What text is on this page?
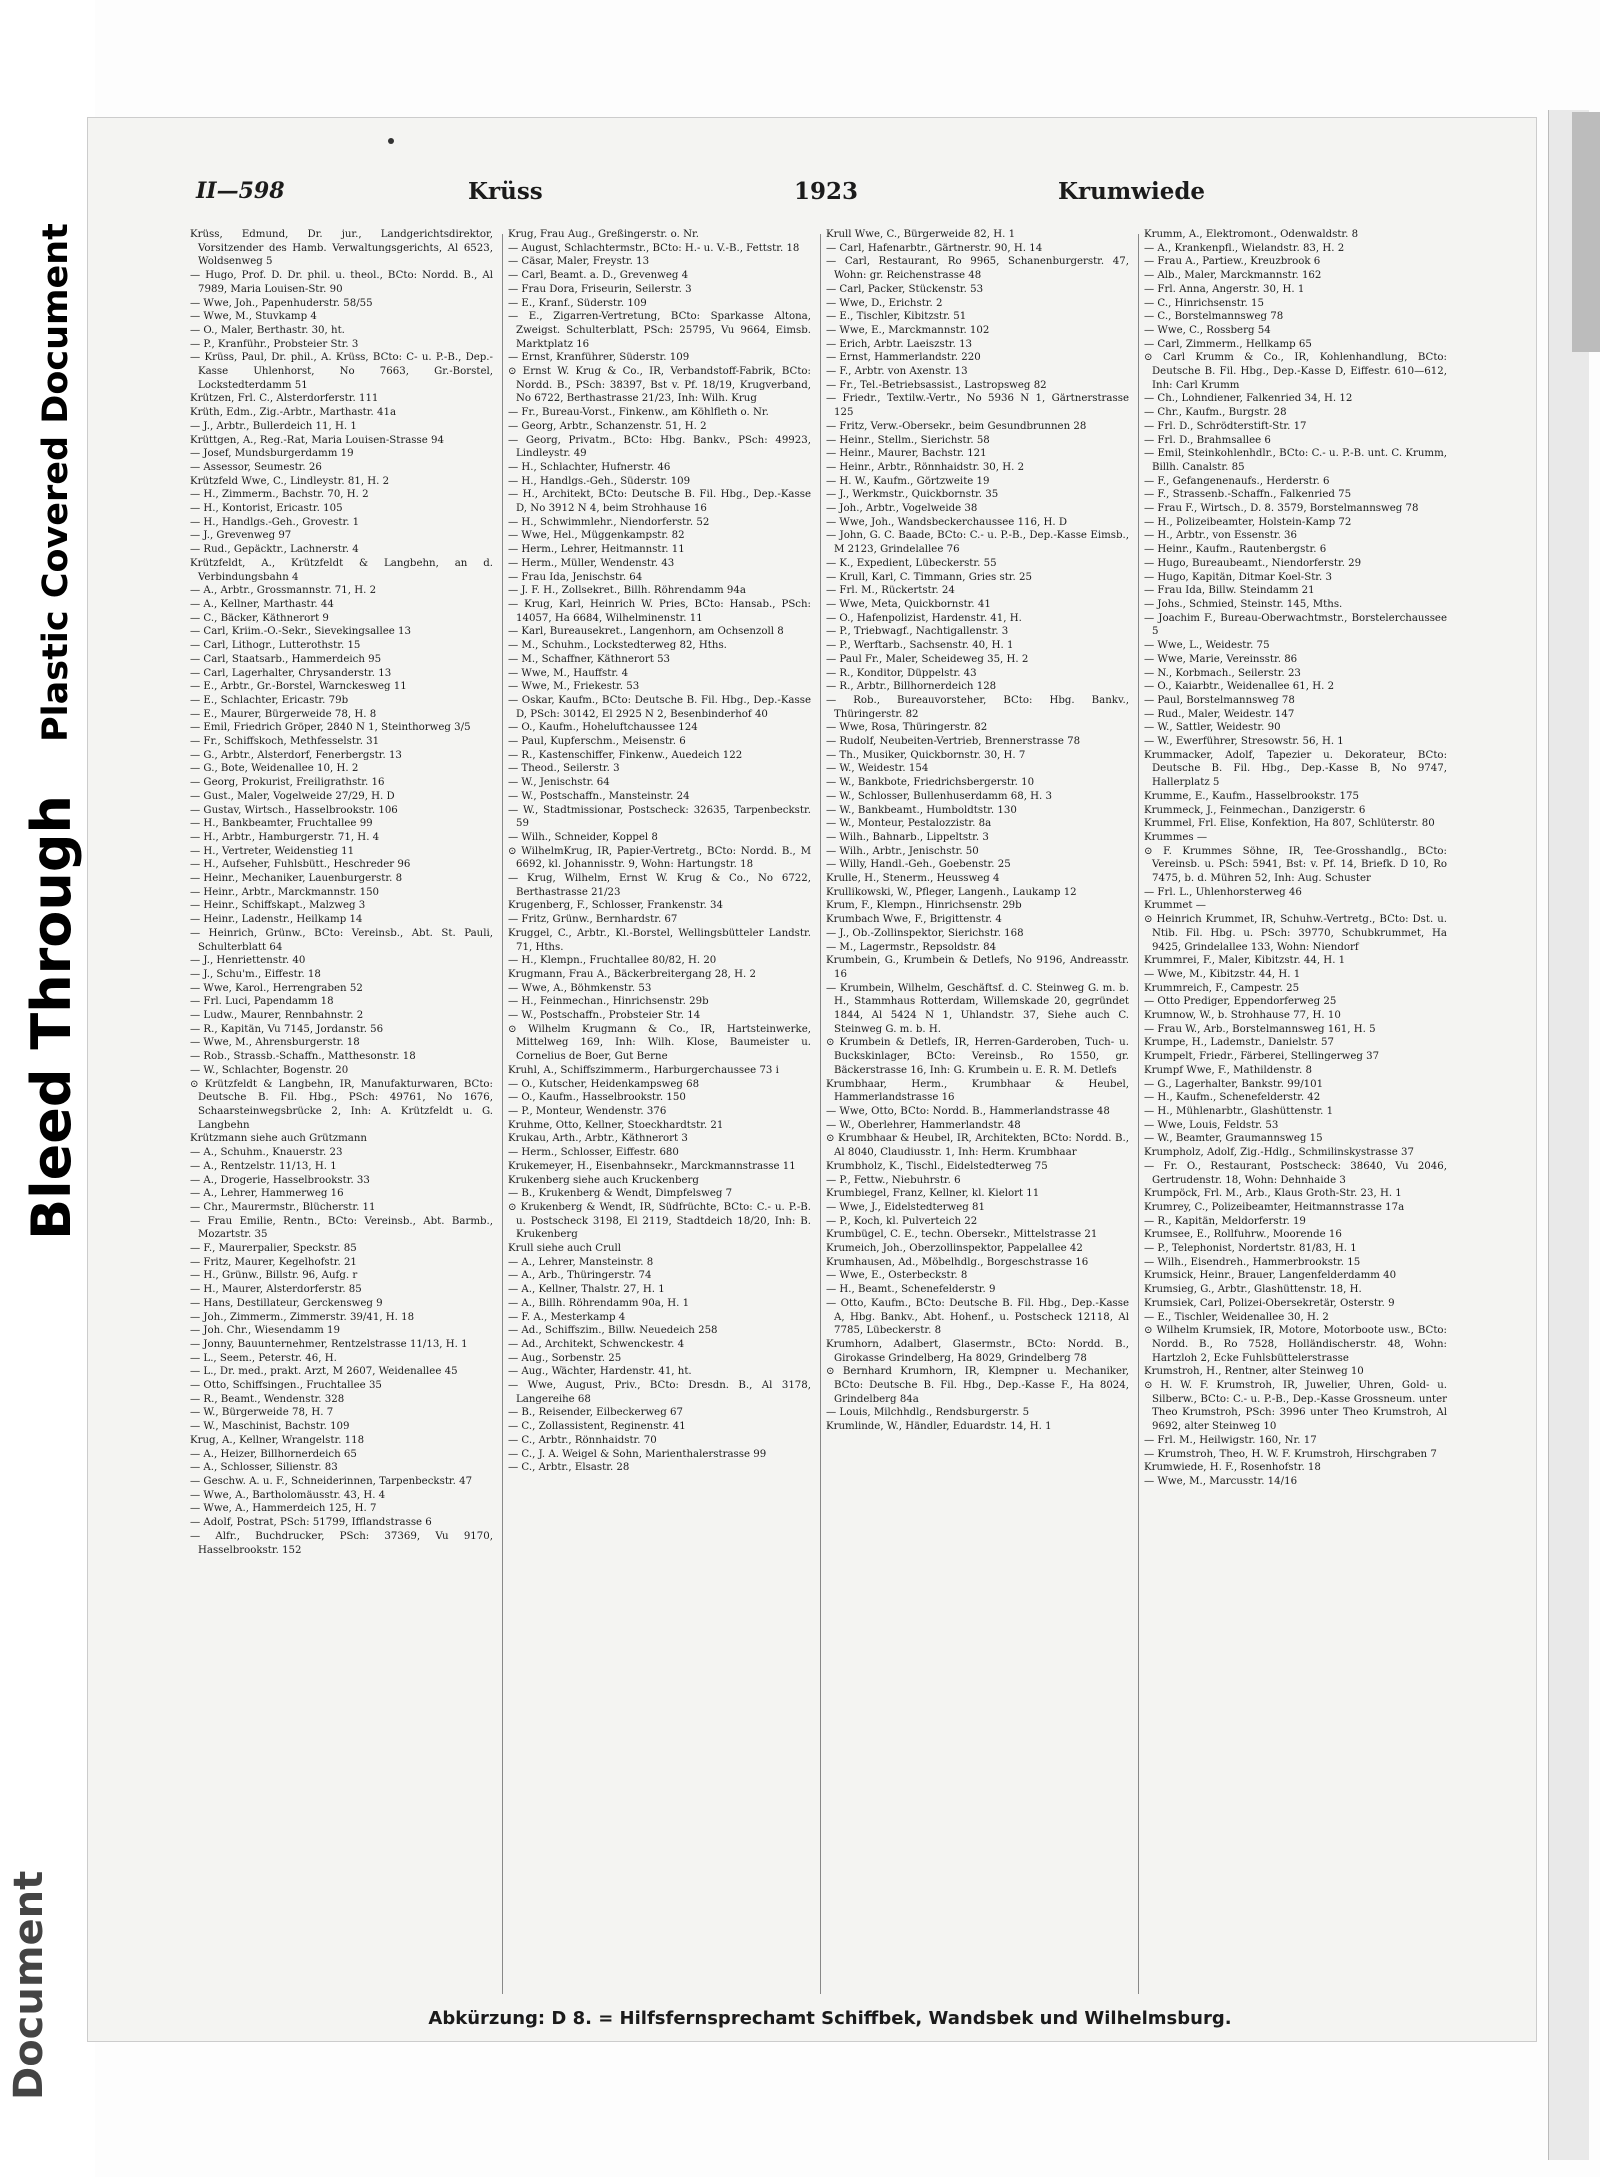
Bleed Through
Plastic Covered Document
Document
II—598	Krüss	1923	Krumwiede

Krüss, Edmund, Dr. jur., Landgerichtsdirektor, Vorsitzender des Hamb. Verwaltungsgerichts, Al 6523, Woldsenweg 5

— Hugo, Prof. D. Dr. phil. u. theol., BCto: Nordd. B., Al 7989, Maria Louisen-Str. 90

— Wwe, Joh., Papenhuderstr. 58/55

— Wwe, M., Stuvkamp 4

— O., Maler, Berthastr. 30, ht.

— P., Kranführ., Probsteier Str. 3

— Krüss, Paul, Dr. phil., A. Krüss, BCto: C- u. P.-B., Dep.-Kasse Uhlenhorst, No 7663, Gr.-Borstel, Lockstedterdamm 51

Krützen, Frl. C., Alsterdorferstr. 111

Krüth, Edm., Zig.-Arbtr., Marthastr. 41a

— J., Arbtr., Bullerdeich 11, H. 1

Krüttgen, A., Reg.-Rat, Maria Louisen-Strasse 94

— Josef, Mundsburgerdamm 19

— Assessor, Seumestr. 26

Krützfeld Wwe, C., Lindleystr. 81, H. 2

— H., Zimmerm., Bachstr. 70, H. 2

— H., Kontorist, Ericastr. 105

— H., Handlgs.-Geh., Grovestr. 1

— J., Grevenweg 97

— Rud., Gepäcktr., Lachnerstr. 4

Krützfeldt, A., Krützfeldt & Langbehn, an d. Verbindungsbahn 4

— A., Arbtr., Grossmannstr. 71, H. 2

— A., Kellner, Marthastr. 44

— C., Bäcker, Käthnerort 9

— Carl, Kriim.-O.-Sekr., Sievekingsallee 13

— Carl, Lithogr., Lutterothstr. 15

— Carl, Staatsarb., Hammerdeich 95

— Carl, Lagerhalter, Chrysanderstr. 13

— E., Arbtr., Gr.-Borstel, Warnckesweg 11

— E., Schlachter, Ericastr. 79b

— E., Maurer, Bürgerweide 78, H. 8

— Emil, Friedrich Gröper, 2840 N 1, Steinthorweg 3/5

— Fr., Schiffskoch, Methfesselstr. 31

— G., Arbtr., Alsterdorf, Fenerbergstr. 13

— G., Bote, Weidenallee 10, H. 2

— Georg, Prokurist, Freiligrathstr. 16

— Gust., Maler, Vogelweide 27/29, H. D

— Gustav, Wirtsch., Hasselbrookstr. 106

— H., Bankbeamter, Fruchtallee 99

— H., Arbtr., Hamburgerstr. 71, H. 4

— H., Vertreter, Weidenstieg 11

— H., Aufseher, Fuhlsbütt., Heschreder 96

— Heinr., Mechaniker, Lauenburgerstr. 8

— Heinr., Arbtr., Marckmannstr. 150

— Heinr., Schiffskapt., Malzweg 3

— Heinr., Ladenstr., Heilkamp 14

— Heinrich, Grünw., BCto: Vereinsb., Abt. St. Pauli, Schulterblatt 64

— J., Henriettenstr. 40

— J., Schu'm., Eiffestr. 18

— Wwe, Karol., Herrengraben 52

— Frl. Luci, Papendamm 18

— Ludw., Maurer, Rennbahnstr. 2

— R., Kapitän, Vu 7145, Jordanstr. 56

— Wwe, M., Ahrensburgerstr. 18

— Rob., Strassb.-Schaffn., Matthesonstr. 18

— W., Schlachter, Bogenstr. 20

⊙ Krützfeldt & Langbehn, IR, Manufakturwaren, BCto: Deutsche B. Fil. Hbg., PSch: 49761, No 1676, Schaarsteinwegsbrücke 2, Inh: A. Krützfeldt u. G. Langbehn

Krützmann siehe auch Grützmann

— A., Schuhm., Knauerstr. 23

— A., Rentzelstr. 11/13, H. 1

— A., Drogerie, Hasselbrookstr. 33

— A., Lehrer, Hammerweg 16

— Chr., Maurermstr., Blücherstr. 11

— Frau Emilie, Rentn., BCto: Vereinsb., Abt. Barmb., Mozartstr. 35

— F., Maurerpalier, Speckstr. 85

— Fritz, Maurer, Kegelhofstr. 21

— H., Grünw., Billstr. 96, Aufg. r

— H., Maurer, Alsterdorferstr. 85

— Hans, Destillateur, Gerckensweg 9

— Joh., Zimmerm., Zimmerstr. 39/41, H. 18

— Joh. Chr., Wiesendamm 19

— Jonny, Bauunternehmer, Rentzelstrasse 11/13, H. 1

— L., Seem., Peterstr. 46, H.

— L., Dr. med., prakt. Arzt, M 2607, Weidenallee 45

— Otto, Schiffsingen., Fruchtallee 35

— R., Beamt., Wendenstr. 328

— W., Bürgerweide 78, H. 7

— W., Maschinist, Bachstr. 109

Krug, A., Kellner, Wrangelstr. 118

— A., Heizer, Billhornerdeich 65

— A., Schlosser, Silienstr. 83

— Geschw. A. u. F., Schneiderinnen, Tarpenbeckstr. 47

— Wwe, A., Bartholomäusstr. 43, H. 4

— Wwe, A., Hammerdeich 125, H. 7

— Adolf, Postrat, PSch: 51799, Ifflandstrasse 6

— Alfr., Buchdrucker, PSch: 37369, Vu 9170, Hasselbrookstr. 152

Krug, Frau Aug., Greßingerstr. o. Nr.

— August, Schlachtermstr., BCto: H.- u. V.-B., Fettstr. 18

— Cäsar, Maler, Freystr. 13

— Carl, Beamt. a. D., Grevenweg 4

— Frau Dora, Friseurin, Seilerstr. 3

— E., Kranf., Süderstr. 109

— E., Zigarren-Vertretung, BCto: Sparkasse Altona, Zweigst. Schulterblatt, PSch: 25795, Vu 9664, Eimsb. Marktplatz 16

— Ernst, Kranführer, Süderstr. 109

⊙ Ernst W. Krug & Co., IR, Verbandstoff-Fabrik, BCto: Nordd. B., PSch: 38397, Bst v. Pf. 18/19, Krugverband, No 6722, Berthastrasse 21/23, Inh: Wilh. Krug

— Fr., Bureau-Vorst., Finkenw., am Köhlfleth o. Nr.

— Georg, Arbtr., Schanzenstr. 51, H. 2

— Georg, Privatm., BCto: Hbg. Bankv., PSch: 49923, Lindleystr. 49

— H., Schlachter, Hufnerstr. 46

— H., Handlgs.-Geh., Süderstr. 109

— H., Architekt, BCto: Deutsche B. Fil. Hbg., Dep.-Kasse D, No 3912 N 4, beim Strohhause 16

— H., Schwimmlehr., Niendorferstr. 52

— Wwe, Hel., Müggenkampstr. 82

— Herm., Lehrer, Heitmannstr. 11

— Herm., Müller, Wendenstr. 43

— Frau Ida, Jenischstr. 64

— J. F. H., Zollsekret., Billh. Röhrendamm 94a

— Krug, Karl, Heinrich W. Pries, BCto: Hansab., PSch: 14057, Ha 6684, Wilhelminenstr. 11

— Karl, Bureausekret., Langenhorn, am Ochsenzoll 8

— M., Schuhm., Lockstedterweg 82, Hths.

— M., Schaffner, Käthnerort 53

— Wwe, M., Hauffstr. 4

— Wwe, M., Friekestr. 53

— Oskar, Kaufm., BCto: Deutsche B. Fil. Hbg., Dep.-Kasse D, PSch: 30142, El 2925 N 2, Besenbinderhof 40

— O., Kaufm., Hoheluftchaussee 124

— Paul, Kupferschm., Meisenstr. 6

— R., Kastenschiffer, Finkenw., Auedeich 122

— Theod., Seilerstr. 3

— W., Jenischstr. 64

— W., Postschaffn., Mansteinstr. 24

— W., Stadtmissionar, Postscheck: 32635, Tarpenbeckstr. 59

— Wilh., Schneider, Koppel 8

⊙ WilhelmKrug, IR, Papier-Vertretg., BCto: Nordd. B., M 6692, kl. Johannisstr. 9, Wohn: Hartungstr. 18

— Krug, Wilhelm, Ernst W. Krug & Co., No 6722, Berthastrasse 21/23

Krugenberg, F., Schlosser, Frankenstr. 34

— Fritz, Grünw., Bernhardstr. 67

Kruggel, C., Arbtr., Kl.-Borstel, Wellingsbütteler Landstr. 71, Hths.

— H., Klempn., Fruchtallee 80/82, H. 20

Krugmann, Frau A., Bäckerbreitergang 28, H. 2

— Wwe, A., Böhmkenstr. 53

— H., Feinmechan., Hinrichsenstr. 29b

— W., Postschaffn., Probsteier Str. 14

⊙ Wilhelm Krugmann & Co., IR, Hartsteinwerke, Mittelweg 169, Inh: Wilh. Klose, Baumeister u. Cornelius de Boer, Gut Berne

Kruhl, A., Schiffszimmerm., Harburgerchaussee 73 i

— O., Kutscher, Heidenkampsweg 68

— O., Kaufm., Hasselbrookstr. 150

— P., Monteur, Wendenstr. 376

Kruhme, Otto, Kellner, Stoeckhardtstr. 21

Krukau, Arth., Arbtr., Käthnerort 3

— Herm., Schlosser, Eiffestr. 680

Krukemeyer, H., Eisenbahnsekr., Marckmannstrasse 11

Krukenberg siehe auch Kruckenberg

— B., Krukenberg & Wendt, Dimpfelsweg 7

⊙ Krukenberg & Wendt, IR, Südfrüchte, BCto: C.- u. P.-B. u. Postscheck 3198, El 2119, Stadtdeich 18/20, Inh: B. Krukenberg

Krull siehe auch Crull

— A., Lehrer, Mansteinstr. 8

— A., Arb., Thüringerstr. 74

— A., Kellner, Thalstr. 27, H. 1

— A., Billh. Röhrendamm 90a, H. 1

— F. A., Mesterkamp 4

— Ad., Schiffszim., Billw. Neuedeich 258

— Ad., Architekt, Schwenckestr. 4

— Aug., Sorbenstr. 25

— Aug., Wächter, Hardenstr. 41, ht.

— Wwe, August, Priv., BCto: Dresdn. B., Al 3178, Langereihe 68

— B., Reisender, Eilbeckerweg 67

— C., Zollassistent, Reginenstr. 41

— C., Arbtr., Rönnhaidstr. 70

— C., J. A. Weigel & Sohn, Marienthalerstrasse 99

— C., Arbtr., Elsastr. 28

Krull Wwe, C., Bürgerweide 82, H. 1

— Carl, Hafenarbtr., Gärtnerstr. 90, H. 14

— Carl, Restaurant, Ro 9965, Schanenburgerstr. 47, Wohn: gr. Reichenstrasse 48

— Carl, Packer, Stückenstr. 53

— Wwe, D., Erichstr. 2

— E., Tischler, Kibitzstr. 51

— Wwe, E., Marckmannstr. 102

— Erich, Arbtr. Laeiszstr. 13

— Ernst, Hammerlandstr. 220

— F., Arbtr. von Axenstr. 13

— Fr., Tel.-Betriebsassist., Lastropsweg 82

— Friedr., Textilw.-Vertr., No 5936 N 1, Gärtnerstrasse 125

— Fritz, Verw.-Obersekr., beim Gesundbrunnen 28

— Heinr., Stellm., Sierichstr. 58

— Heinr., Maurer, Bachstr. 121

— Heinr., Arbtr., Rönnhaidstr. 30, H. 2

— H. W., Kaufm., Görtzweite 19

— J., Werkmstr., Quickbornstr. 35

— Joh., Arbtr., Vogelweide 38

— Wwe, Joh., Wandsbeckerchaussee 116, H. D

— John, G. C. Baade, BCto: C.- u. P.-B., Dep.-Kasse Eimsb., M 2123, Grindelallee 76

— K., Expedient, Lübeckerstr. 55

— Krull, Karl, C. Timmann, Gries str. 25

— Frl. M., Rückertstr. 24

— Wwe, Meta, Quickbornstr. 41

— O., Hafenpolizist, Hardenstr. 41, H.

— P., Triebwagf., Nachtigallenstr. 3

— P., Werftarb., Sachsenstr. 40, H. 1

— Paul Fr., Maler, Scheideweg 35, H. 2

— R., Konditor, Düppelstr. 43

— R., Arbtr., Billhornerdeich 128

— Rob., Bureauvorsteher, BCto: Hbg. Bankv., Thüringerstr. 82

— Wwe, Rosa, Thüringerstr. 82

— Rudolf, Neubeiten-Vertrieb, Brennerstrasse 78

— Th., Musiker, Quickbornstr. 30, H. 7

— W., Weidestr. 154

— W., Bankbote, Friedrichsbergerstr. 10

— W., Schlosser, Bullenhuserdamm 68, H. 3

— W., Bankbeamt., Humboldtstr. 130

— W., Monteur, Pestalozzistr. 8a

— Wilh., Bahnarb., Lippeltstr. 3

— Wilh., Arbtr., Jenischstr. 50

— Willy, Handl.-Geh., Goebenstr. 25

Krulle, H., Stenerm., Heussweg 4

Krullikowski, W., Pfleger, Langenh., Laukamp 12

Krum, F., Klempn., Hinrichsenstr. 29b

Krumbach Wwe, F., Brigittenstr. 4

— J., Ob.-Zollinspektor, Sierichstr. 168

— M., Lagermstr., Repsoldstr. 84

Krumbein, G., Krumbein & Detlefs, No 9196, Andreasstr. 16

— Krumbein, Wilhelm, Geschäftsf. d. C. Steinweg G. m. b. H., Stammhaus Rotterdam, Willemskade 20, gegründet 1844, Al 5424 N 1, Uhlandstr. 37, Siehe auch C. Steinweg G. m. b. H.

⊙ Krumbein & Detlefs, IR, Herren-Garderoben, Tuch- u. Buckskinlager, BCto: Vereinsb., Ro 1550, gr. Bäckerstrasse 16, Inh: G. Krumbein u. E. R. M. Detlefs

Krumbhaar, Herm., Krumbhaar & Heubel, Hammerlandstrasse 16

— Wwe, Otto, BCto: Nordd. B., Hammerlandstrasse 48

— W., Oberlehrer, Hammerlandstr. 48

⊙ Krumbhaar & Heubel, IR, Architekten, BCto: Nordd. B., Al 8040, Claudiusstr. 1, Inh: Herm. Krumbhaar

Krumbholz, K., Tischl., Eidelstedterweg 75

— P., Fettw., Niebuhrstr. 6

Krumbiegel, Franz, Kellner, kl. Kielort 11

— Wwe, J., Eidelstedterweg 81

— P., Koch, kl. Pulverteich 22

Krumbügel, C. E., techn. Obersekr., Mittelstrasse 21

Krumeich, Joh., Oberzollinspektor, Pappelallee 42

Krumhausen, Ad., Möbelhdlg., Borgeschstrasse 16

— Wwe, E., Osterbeckstr. 8

— H., Beamt., Schenefelderstr. 9

— Otto, Kaufm., BCto: Deutsche B. Fil. Hbg., Dep.-Kasse A, Hbg. Bankv., Abt. Hohenf., u. Postscheck 12118, Al 7785, Lübeckerstr. 8

Krumhorn, Adalbert, Glasermstr., BCto: Nordd. B., Girokasse Grindelberg, Ha 8029, Grindelberg 78

⊙ Bernhard Krumhorn, IR, Klempner u. Mechaniker, BCto: Deutsche B. Fil. Hbg., Dep.-Kasse F., Ha 8024, Grindelberg 84a

— Louis, Milchhdlg., Rendsburgerstr. 5

Krumlinde, W., Händler, Eduardstr. 14, H. 1

Krumm, A., Elektromont., Odenwaldstr. 8

— A., Krankenpfl., Wielandstr. 83, H. 2

— Frau A., Partiew., Kreuzbrook 6

— Alb., Maler, Marckmannstr. 162

— Frl. Anna, Angerstr. 30, H. 1

— C., Hinrichsenstr. 15

— C., Borstelmannsweg 78

— Wwe, C., Rossberg 54

— Carl, Zimmerm., Hellkamp 65

⊙ Carl Krumm & Co., IR, Kohlenhandlung, BCto: Deutsche B. Fil. Hbg., Dep.-Kasse D, Eiffestr. 610—612, Inh: Carl Krumm

— Ch., Lohndiener, Falkenried 34, H. 12

— Chr., Kaufm., Burgstr. 28

— Frl. D., Schrödterstift-Str. 17

— Frl. D., Brahmsallee 6

— Emil, Steinkohlenhdlr., BCto: C.- u. P.-B. unt. C. Krumm, Billh. Canalstr. 85

— F., Gefangenenaufs., Herderstr. 6

— F., Strassenb.-Schaffn., Falkenried 75

— Frau F., Wirtsch., D. 8. 3579, Borstelmannsweg 78

— H., Polizeibeamter, Holstein-Kamp 72

— H., Arbtr., von Essenstr. 36

— Heinr., Kaufm., Rautenbergstr. 6

— Hugo, Bureaubeamt., Niendorferstr. 29

— Hugo, Kapitän, Ditmar Koel-Str. 3

— Frau Ida, Billw. Steindamm 21

— Johs., Schmied, Steinstr. 145, Mths.

— Joachim F., Bureau-Oberwachtmstr., Borstelerchaussee 5

— Wwe, L., Weidestr. 75

— Wwe, Marie, Vereinsstr. 86

— N., Korbmach., Seilerstr. 23

— O., Kaiarbtr., Weidenallee 61, H. 2

— Paul, Borstelmannsweg 78

— Rud., Maler, Weidestr. 147

— W., Sattler, Weidestr. 90

— W., Ewerführer, Stresowstr. 56, H. 1

Krummacker, Adolf, Tapezier u. Dekorateur, BCto: Deutsche B. Fil. Hbg., Dep.-Kasse B, No 9747, Hallerplatz 5

Krumme, E., Kaufm., Hasselbrookstr. 175

Krummeck, J., Feinmechan., Danzigerstr. 6

Krummel, Frl. Elise, Konfektion, Ha 807, Schlüterstr. 80

Krummes —

⊙ F. Krummes Söhne, IR, Tee-Grosshandlg., BCto: Vereinsb. u. PSch: 5941, Bst: v. Pf. 14, Briefk. D 10, Ro 7475, b. d. Mühren 52, Inh: Aug. Schuster

— Frl. L., Uhlenhorsterweg 46

Krummet —

⊙ Heinrich Krummet, IR, Schuhw.-Vertretg., BCto: Dst. u. Ntib. Fil. Hbg. u. PSch: 39770, Schubkrummet, Ha 9425, Grindelallee 133, Wohn: Niendorf

Krummrei, F., Maler, Kibitzstr. 44, H. 1

— Wwe, M., Kibitzstr. 44, H. 1

Krummreich, F., Campestr. 25

— Otto Prediger, Eppendorferweg 25

Krumnow, W., b. Strohhause 77, H. 10

— Frau W., Arb., Borstelmannsweg 161, H. 5

Krumpe, H., Lademstr., Danielstr. 57

Krumpelt, Friedr., Färberei, Stellingerweg 37

Krumpf Wwe, F., Mathildenstr. 8

— G., Lagerhalter, Bankstr. 99/101

— H., Kaufm., Schenefelderstr. 42

— H., Mühlenarbtr., Glashüttenstr. 1

— Wwe, Louis, Feldstr. 53

— W., Beamter, Graumannsweg 15

Krumpholz, Adolf, Zig.-Hdlg., Schmilinskystrasse 37

— Fr. O., Restaurant, Postscheck: 38640, Vu 2046, Gertrudenstr. 18, Wohn: Dehnhaide 3

Krumpöck, Frl. M., Arb., Klaus Groth-Str. 23, H. 1

Krumrey, C., Polizeibeamter, Heitmannstrasse 17a

— R., Kapitän, Meldorferstr. 19

Krumsee, E., Rollfuhrw., Moorende 16

— P., Telephonist, Nordertstr. 81/83, H. 1

— Wilh., Eisendreh., Hammerbrookstr. 15

Krumsick, Heinr., Brauer, Langenfelderdamm 40

Krumsieg, G., Arbtr., Glashüttenstr. 18, H.

Krumsiek, Carl, Polizei-Obersekretär, Osterstr. 9

— E., Tischler, Weidenallee 30, H. 2

⊙ Wilhelm Krumsiek, IR, Motore, Motorboote usw., BCto: Nordd. B., Ro 7528, Holländischerstr. 48, Wohn: Hartzloh 2, Ecke Fuhlsbüttelerstrasse

Krumstroh, H., Rentner, alter Steinweg 10

⊙ H. W. F. Krumstroh, IR, Juwelier, Uhren, Gold- u. Silberw., BCto: C.- u. P.-B., Dep.-Kasse Grossneum. unter Theo Krumstroh, PSch: 3996 unter Theo Krumstroh, Al 9692, alter Steinweg 10

— Frl. M., Heilwigstr. 160, Nr. 17

— Krumstroh, Theo, H. W. F. Krumstroh, Hirschgraben 7

Krumwiede, H. F., Rosenhofstr. 18

— Wwe, M., Marcusstr. 14/16

Abkürzung: D 8. = Hilfsfernsprechamt Schiffbek, Wandsbek und Wilhelmsburg.
